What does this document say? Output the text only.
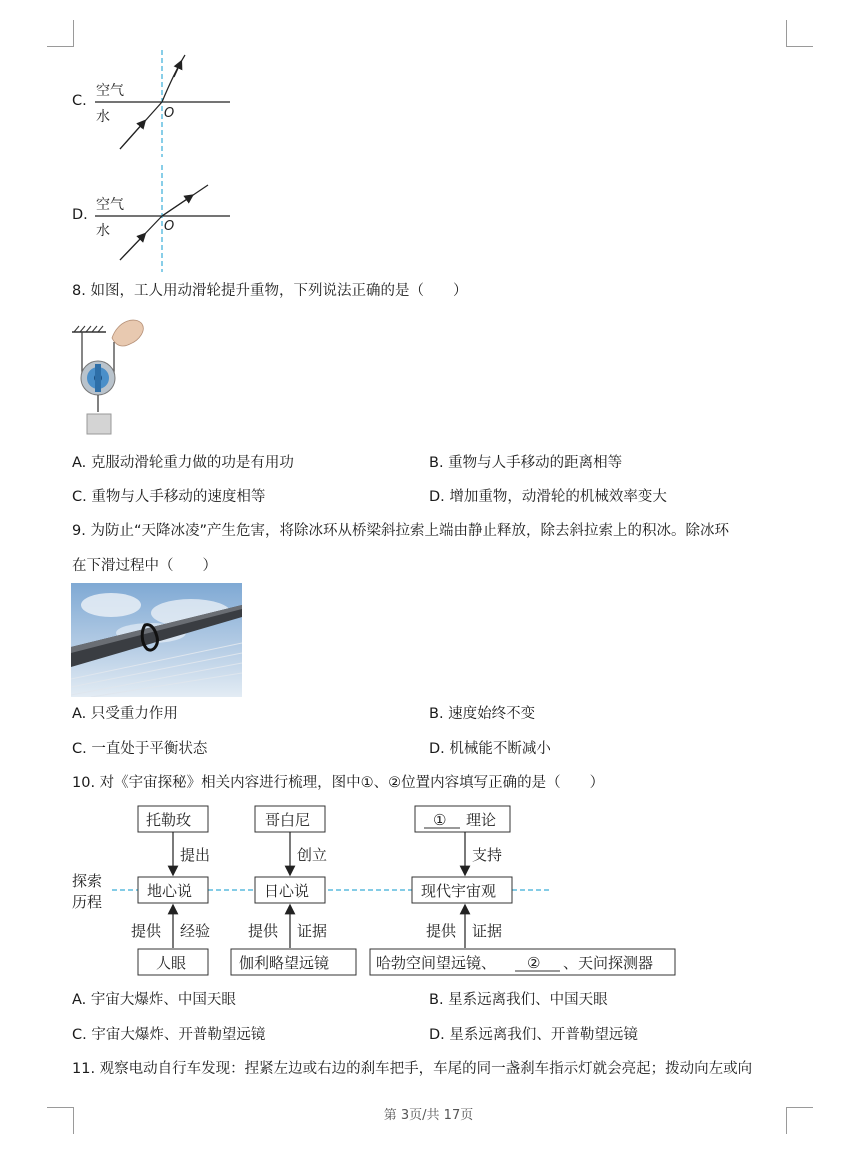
C.
空气
水	O
D.
空气
水	O
8. 如图，工人用动滑轮提升重物，下列说法正确的是（　　）
A. 克服动滑轮重力做的功是有用功	B. 重物与人手移动的距离相等
C. 重物与人手移动的速度相等	D. 增加重物，动滑轮的机械效率变大
9. 为防止“天降冰凌”产生危害，将除冰环从桥梁斜拉索上端由静止释放，除去斜拉索上的积冰。除冰环
在下滑过程中（　　）
A. 只受重力作用	B. 速度始终不变
C. 一直处于平衡状态	D. 机械能不断减小
10. 对《宇宙探秘》相关内容进行梳理，图中①、②位置内容填写正确的是（　　）
探索
历程
托勒玫	哥白尼	① 理论
提出	创立	支持
地心说	日心说	现代宇宙观
提供 经验	提供 证据	提供 证据
人眼	伽利略望远镜	哈勃空间望远镜、 ② 、天问探测器
A. 宇宙大爆炸、中国天眼	B. 星系远离我们、中国天眼
C. 宇宙大爆炸、开普勒望远镜	D. 星系远离我们、开普勒望远镜
11. 观察电动自行车发现：捏紧左边或右边的刹车把手，车尾的同一盏刹车指示灯就会亮起；拨动向左或向
第 3页/共 17页
